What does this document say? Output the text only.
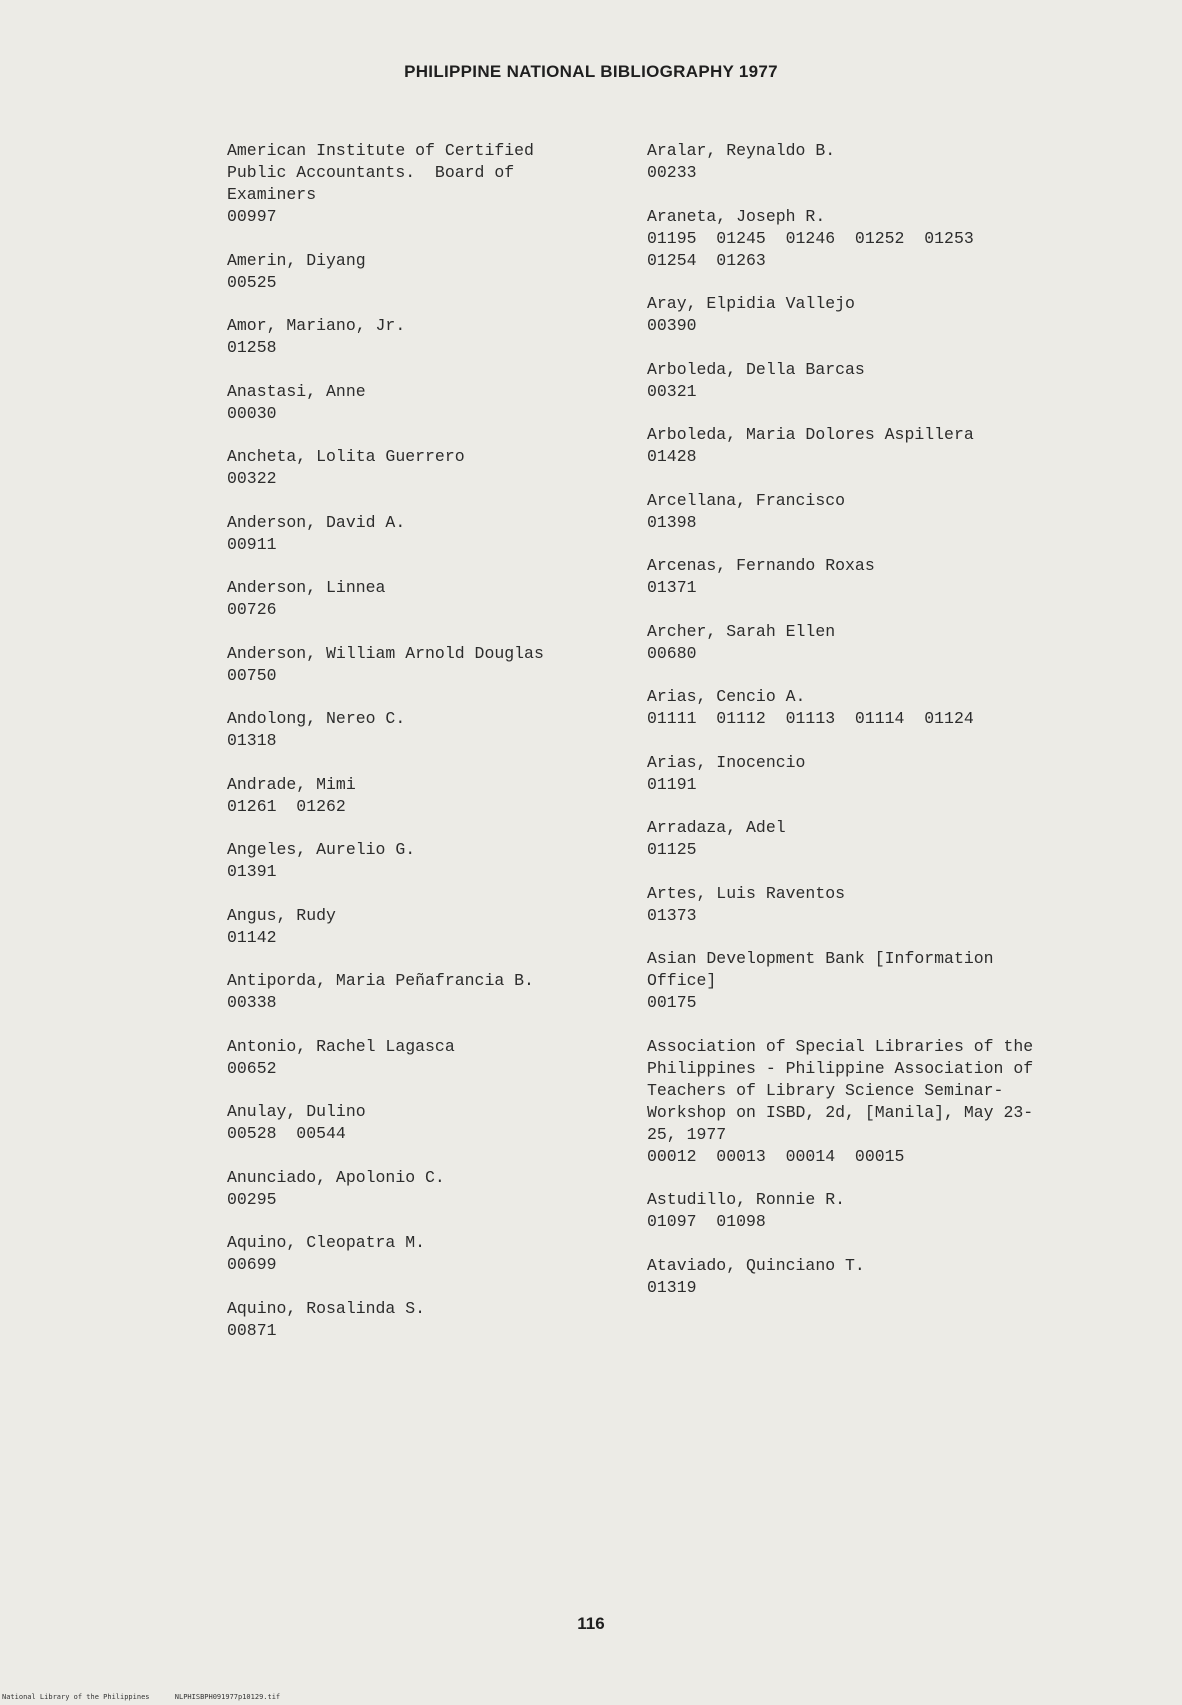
PHILIPPINE NATIONAL BIBLIOGRAPHY 1977
American Institute of Certified
Public Accountants.  Board of
Examiners
00997
Amerin, Diyang
00525
Amor, Mariano, Jr.
01258
Anastasi, Anne
00030
Ancheta, Lolita Guerrero
00322
Anderson, David A.
00911
Anderson, Linnea
00726
Anderson, William Arnold Douglas
00750
Andolong, Nereo C.
01318
Andrade, Mimi
01261  01262
Angeles, Aurelio G.
01391
Angus, Rudy
01142
Antiporda, Maria Peñafrancia B.
00338
Antonio, Rachel Lagasca
00652
Anulay, Dulino
00528  00544
Anunciado, Apolonio C.
00295
Aquino, Cleopatra M.
00699
Aquino, Rosalinda S.
00871
Aralar, Reynaldo B.
00233
Araneta, Joseph R.
01195  01245  01246  01252  01253
01254  01263
Aray, Elpidia Vallejo
00390
Arboleda, Della Barcas
00321
Arboleda, Maria Dolores Aspillera
01428
Arcellana, Francisco
01398
Arcenas, Fernando Roxas
01371
Archer, Sarah Ellen
00680
Arias, Cencio A.
01111  01112  01113  01114  01124
Arias, Inocencio
01191
Arradaza, Adel
01125
Artes, Luis Raventos
01373
Asian Development Bank [Information
Office]
00175
Association of Special Libraries of the
Philippines - Philippine Association of
Teachers of Library Science Seminar-
Workshop on ISBD, 2d, [Manila], May 23-
25, 1977
00012  00013  00014  00015
Astudillo, Ronnie R.
01097  01098
Ataviado, Quinciano T.
01319
116
National Library of the Philippines      NLPHISBPH091977p10129.tif
